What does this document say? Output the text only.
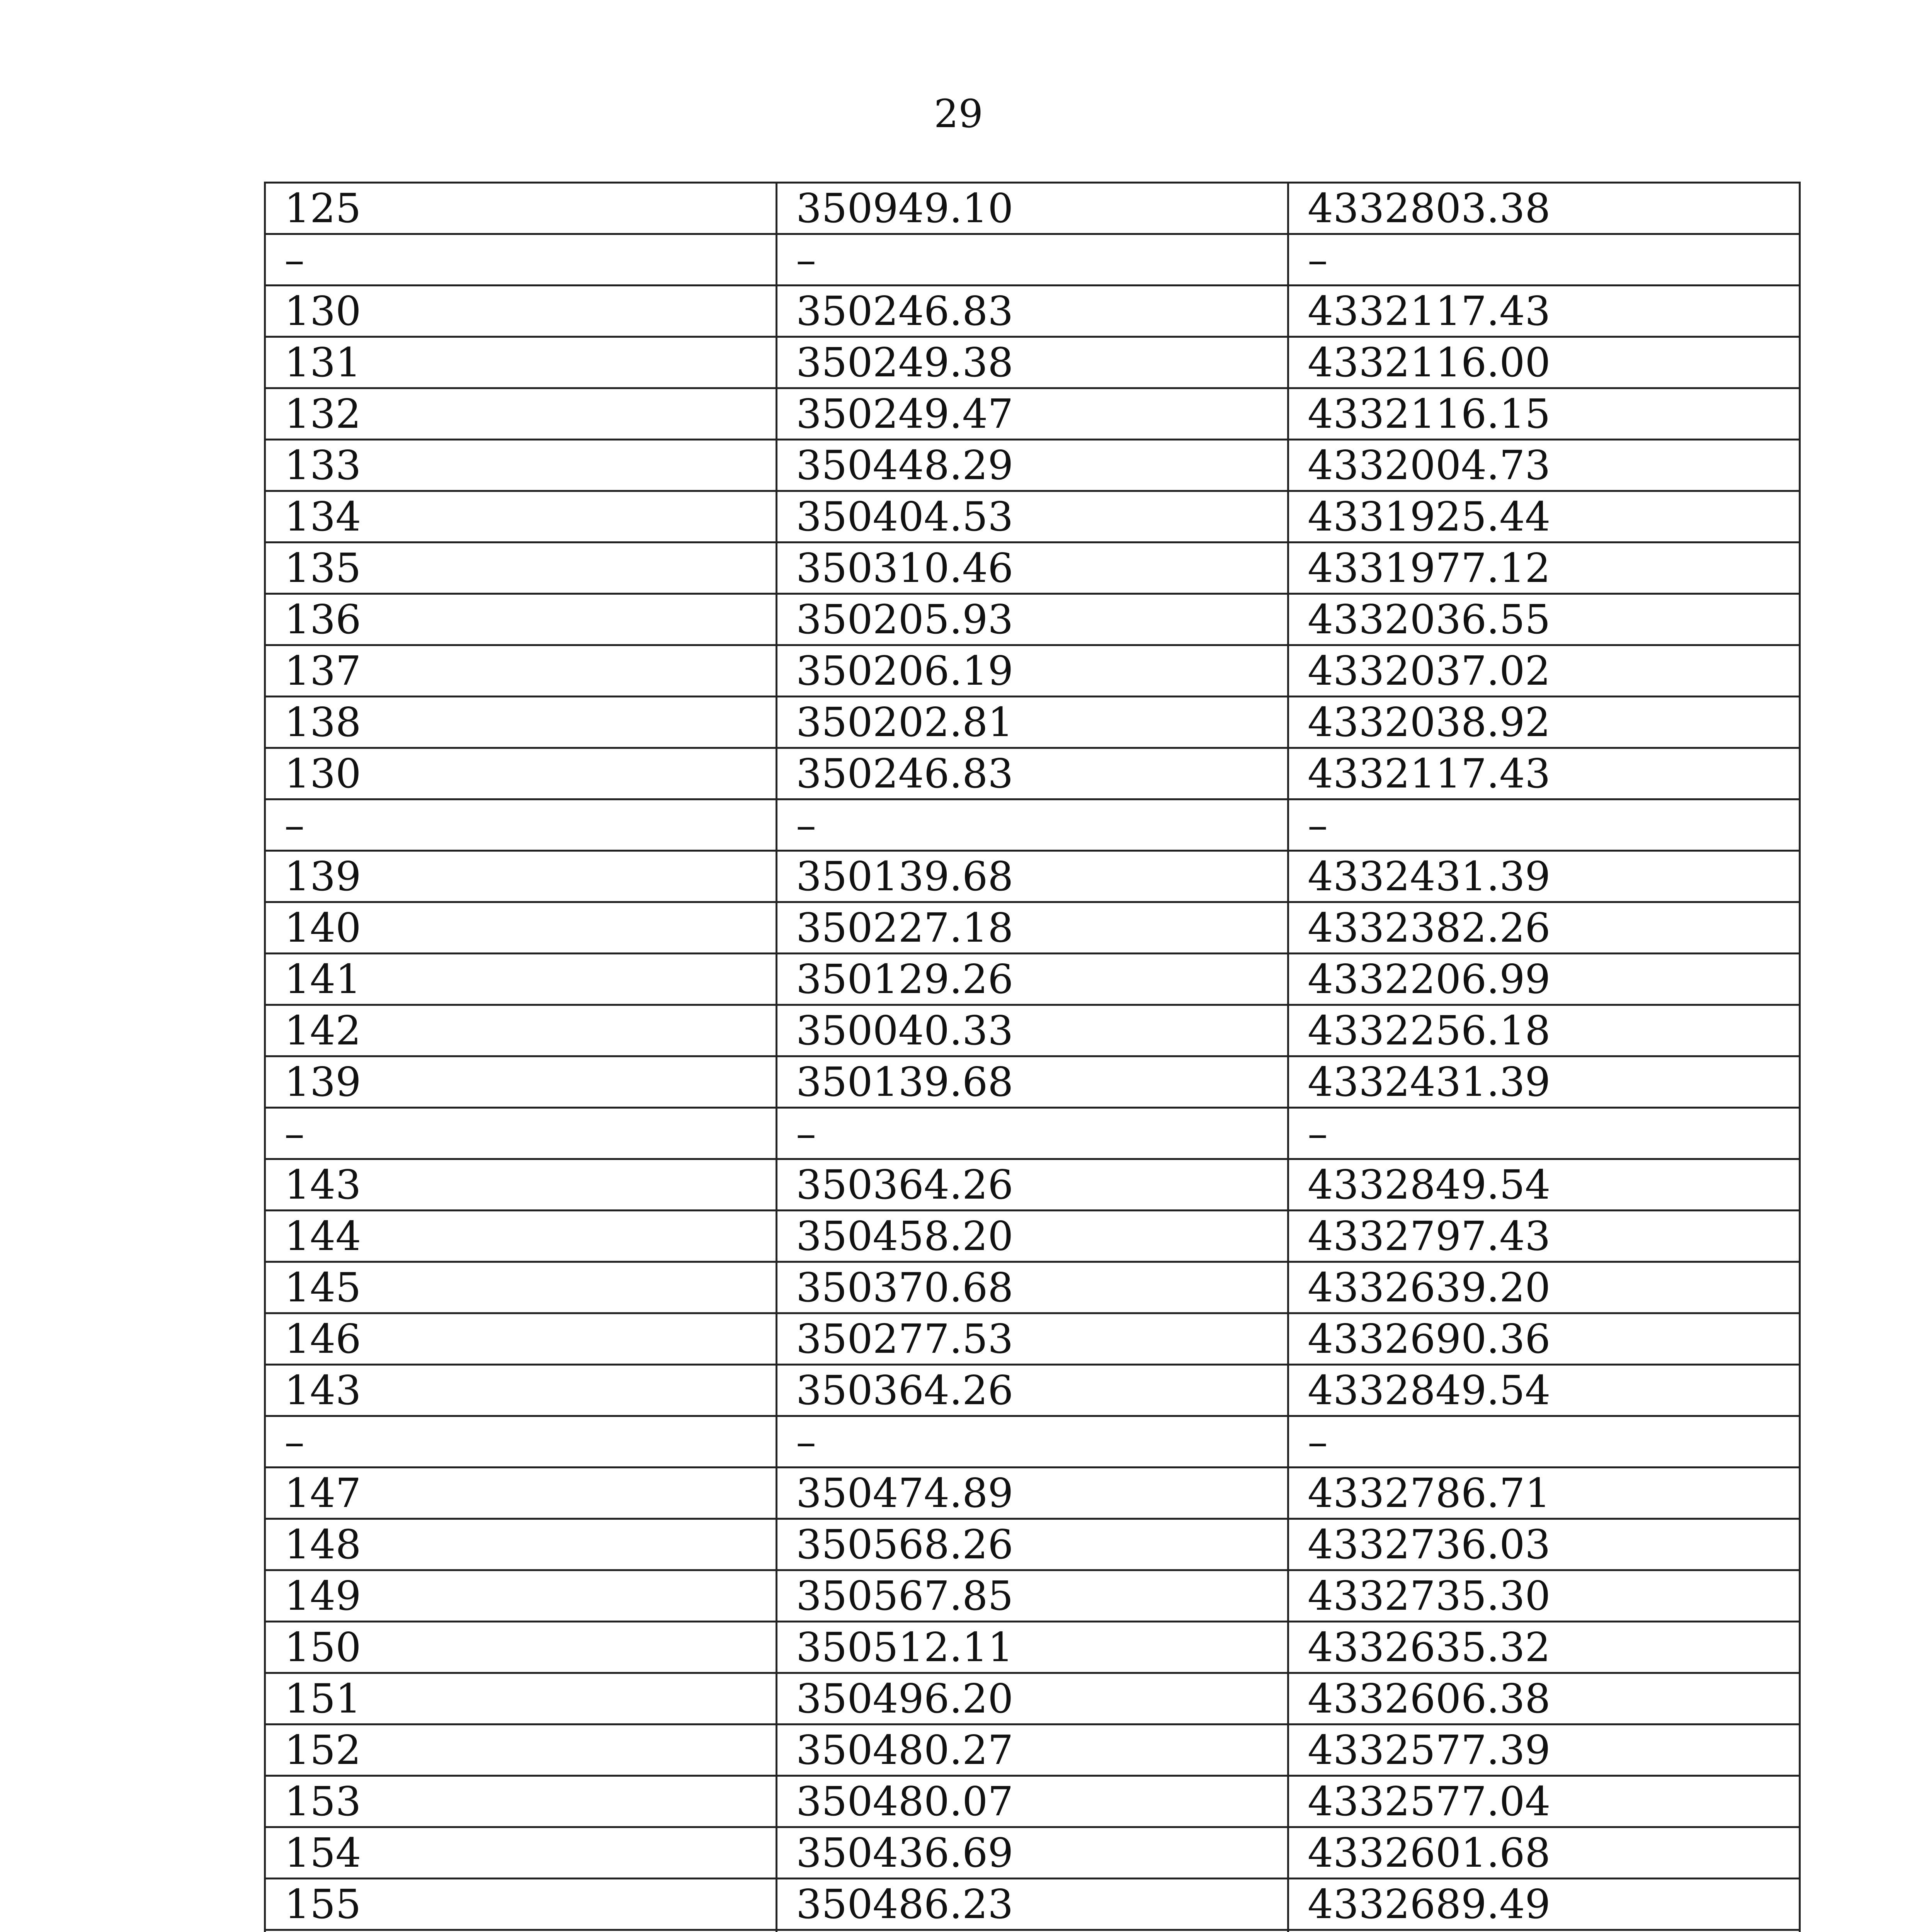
29
125	350949.10	4332803.38
–	–	–
130	350246.83	4332117.43
131	350249.38	4332116.00
132	350249.47	4332116.15
133	350448.29	4332004.73
134	350404.53	4331925.44
135	350310.46	4331977.12
136	350205.93	4332036.55
137	350206.19	4332037.02
138	350202.81	4332038.92
130	350246.83	4332117.43
–	–	–
139	350139.68	4332431.39
140	350227.18	4332382.26
141	350129.26	4332206.99
142	350040.33	4332256.18
139	350139.68	4332431.39
–	–	–
143	350364.26	4332849.54
144	350458.20	4332797.43
145	350370.68	4332639.20
146	350277.53	4332690.36
143	350364.26	4332849.54
–	–	–
147	350474.89	4332786.71
148	350568.26	4332736.03
149	350567.85	4332735.30
150	350512.11	4332635.32
151	350496.20	4332606.38
152	350480.27	4332577.39
153	350480.07	4332577.04
154	350436.69	4332601.68
155	350486.23	4332689.49
